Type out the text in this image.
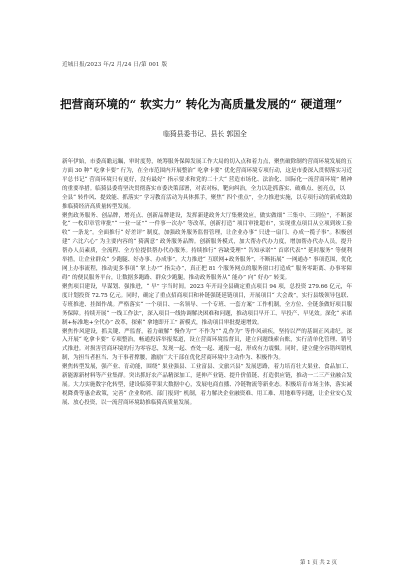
近城日报/2023 年/2 月/24 日/第 001 版
把营商环境的“ 软实力” 转化为高质量发展的“ 硬道理”
临猗县委书记、县长 郭国全

新年伊始，市委高瞻远瞩，审时度势，统筹服务保障发展工作大局的切入点和着力点，聚焦破除制约营商环境发展的五方面 30 种“ 吃拿卡要” 行为，在全市范围内开展整治“ 吃拿卡要” 优化营商环境专项行动，这是市委深入贯彻落实习近平总书记“ 营商环境只有更好，没有最好” 指示要求和党的二十大“ 营造市场化、法治化、国际化一流营商环境” 精神的重要举措。临猗县委将坚决贯彻落实市委决策部署，对表对标，靶向纠治，全力以赴抓落实、破难点、创亮点，以

全县“ 转作风、提效能、抓落实” 学习教育活动为具体抓手，聚焦“ 四个重点”，全力推进实施，以专项行动的新成效助推临猗经济高质量转型发展。

聚焦政务服务、创品牌，增亮点、创新品牌建设，发挥新建政务大厅集聚效应，做实做细“ 三集中、三到位”，不断深化“ 一枚印章管审批”“ 一业一证”“ 一件事一次办” 等改革，创新打造“ 项目审批超市”，实现重点项目从立项到竣工验收“ 一条龙”。全面推行“ 好差评” 制度，加强政务服务监督管理，让企业办事“ 只进一扇门、办成一揽子事”。积极创建“ 六比六心” 为主要内容的“ 猗满意” 政务服务品牌。创新服务模式，加大帮办代办力度，增加帮办代办人员，提升帮办人员素质，全流程、全方位提供帮办代办服务。持续推行“ 容缺受理”“ 告知承诺”“ 首席代表”“ 延时服务” 等便利举措，让企业群众“ 少跑腿、好办事、办成事”。大力推进“ 互联网+政务服务”，不断拓展“ 一网通办” 事项范围，优化网上办事流程，推动更多事项“ 掌上办”“ 指尖办”，真正把 81 个服务网点的服务窗口打造成“ 服务零距离、办事零障碍” 的便民服务平台，让数据多跑路、群众少跑腿，推动政务服务从“ 能办” 向“ 好办” 转变。

聚焦项目建设，早谋划、强推进，“ 早” 字当时间。2023 年开局全县确定重点项目 94 项，总投资 279.66 亿元，年度计划投资 72.75 亿元。同时，确定了重点招商项目和补链强链延链项目，开展项目“ 大会战”，实行县级领导包联、专班推进、挂图作战。严格落实“ 一个项目、一名领导、一个专班、一套方案” 工作机制，全方位、全链条做好项目服务保障。持续开展“ 一线工作法”，深入项目一线协调解决困难和问题，推动项目早开工、早投产、早见效。深化“ 承诺制+标准地+全代办” 改革，探索“ 拿地即开工” 新模式，推动项目审批提速增效。

聚焦作风建设，抓关键、严监督，着力破解“ 慢作为”“ 不作为”“ 乱作为” 等作风顽疾，坚持以严的基调正风肃纪。深入开展“ 吃拿卡要” 专项整治，畅通投诉举报渠道，设立营商环境监督员，建立问题线索台账，实行清单化管理、销号式推进。对损害营商环境的行为零容忍，发现一起、查处一起、通报一起，形成有力震慑。同时，建立健全容错纠错机制，为担当者担当、为干事者撑腰，激励广大干部在优化营商环境中主动作为、积极作为。

聚焦转型发展，强产业、育动能，围绕“ 果业强县、工业富县、文旅兴县” 发展思路，着力培育壮大果业、食品加工、新能源新材料等产业集群。突出抓好农产品精深加工，延伸产业链、提升价值链、打造供应链，推动一二三产业融合发展。大力实施数字化转型，建设临猗苹果大数据中心，发展电商直播、冷链物流等新业态。积极培育市场主体，落实减税降费等惠企政策，完善“ 企业吹哨、部门报到” 机制，着力解决企业融资难、用工难、用地难等问题，让企业安心发展、放心投资，以一流营商环境助推临猗高质量发展。

第 1 页 共 2 页
